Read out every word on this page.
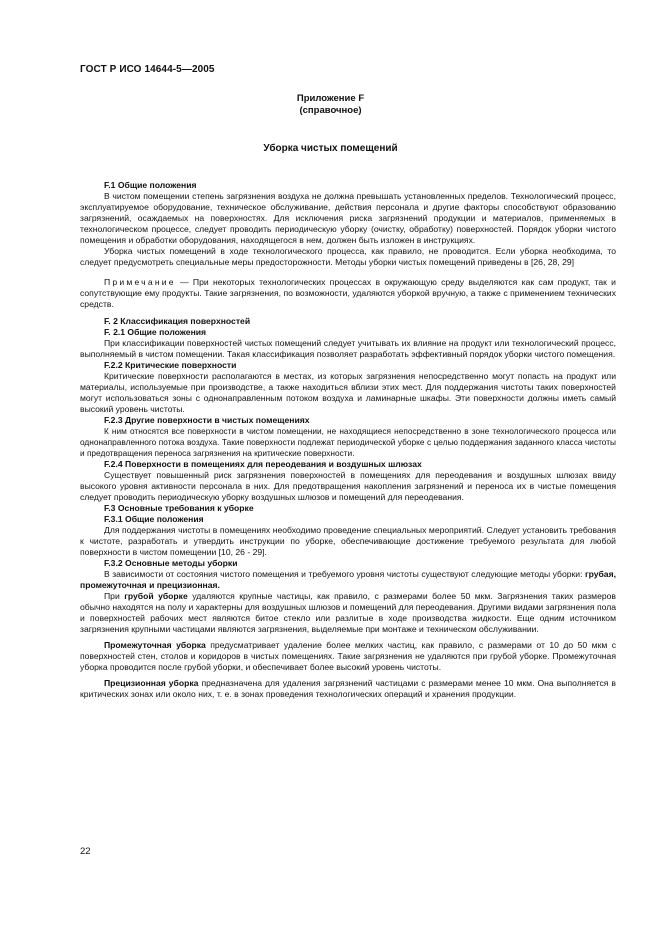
ГОСТ Р ИСО 14644-5—2005
Приложение F
(справочное)
Уборка чистых помещений
F.1 Общие положения

В чистом помещении степень загрязнения воздуха не должна превышать установленных пределов. Технологический процесс, эксплуатируемое оборудование, техническое обслуживание, действия персонала и другие факторы способствуют образованию загрязнений, осаждаемых на поверхностях. Для исключения риска загрязнений продукции и материалов, применяемых в технологическом процессе, следует проводить периодическую уборку (очистку, обработку) поверхностей. Порядок уборки чистого помещения и обработки оборудования, находящегося в нем, должен быть изложен в инструкциях.

Уборка чистых помещений в ходе технологического процесса, как правило, не проводится. Если уборка необходима, то следует предусмотреть специальные меры предосторожности. Методы уборки чистых помещений приведены в [26, 28, 29]

Примечание — При некоторых технологических процессах в окружающую среду выделяются как сам продукт, так и сопутствующие ему продукты. Такие загрязнения, по возможности, удаляются уборкой вручную, а также с применением технических средств.
F. 2 Классификация поверхностей
F. 2.1 Общие положения

При классификации поверхностей чистых помещений следует учитывать их влияние на продукт или технологический процесс, выполняемый в чистом помещении. Такая классификация позволяет разработать эффективный порядок уборки чистого помещения.

F.2.2 Критические поверхности

Критические поверхности располагаются в местах, из которых загрязнения непосредственно могут попасть на продукт или материалы, используемые при производстве, а также находиться вблизи этих мест. Для поддержания чистоты таких поверхностей могут использоваться зоны с однонаправленным потоком воздуха и ламинарные шкафы. Эти поверхности должны иметь самый высокий уровень чистоты.

F.2.3 Другие поверхности в чистых помещениях

К ним относятся все поверхности в чистом помещении, не находящиеся непосредственно в зоне технологического процесса или однонаправленного потока воздуха. Такие поверхности подлежат периодической уборке с целью поддержания заданного класса чистоты и предотвращения переноса загрязнения на критические поверхности.

F.2.4 Поверхности в помещениях для переодевания и воздушных шлюзах

Существует повышенный риск загрязнения поверхностей в помещениях для переодевания и воздушных шлюзах ввиду высокого уровня активности персонала в них. Для предотвращения накопления загрязнений и переноса их в чистые помещения следует проводить периодическую уборку воздушных шлюзов и помещений для переодевания.

F.3 Основные требования к уборке
F.3.1 Общие положения

Для поддержания чистоты в помещениях необходимо проведение специальных мероприятий. Следует установить требования к чистоте, разработать и утвердить инструкции по уборке, обеспечивающие достижение требуемого результата для любой поверхности в чистом помещении [10, 26 - 29].

F.3.2 Основные методы уборки

В зависимости от состояния чистого помещения и требуемого уровня чистоты существуют следующие методы уборки: грубая, промежуточная и прецизионная.

При грубой уборке удаляются крупные частицы, как правило, с размерами более 50 мкм. Загрязнения таких размеров обычно находятся на полу и характерны для воздушных шлюзов и помещений для переодевания. Другими видами загрязнения пола и поверхностей рабочих мест являются битое стекло или разлитые в ходе производства жидкости. Еще одним источником загрязнения крупными частицами являются загрязнения, выделяемые при монтаже и техническом обслуживании.

Промежуточная уборка предусматривает удаление более мелких частиц, как правило, с размерами от 10 до 50 мкм с поверхностей стен, столов и коридоров в чистых помещениях. Такие загрязнения не удаляются при грубой уборке. Промежуточная уборка проводится после грубой уборки, и обеспечивает более высокий уровень чистоты.

Прецизионная уборка предназначена для удаления загрязнений частицами с размерами менее 10 мкм. Она выполняется в критических зонах или около них, т. е. в зонах проведения технологических операций и хранения продукции.

22
